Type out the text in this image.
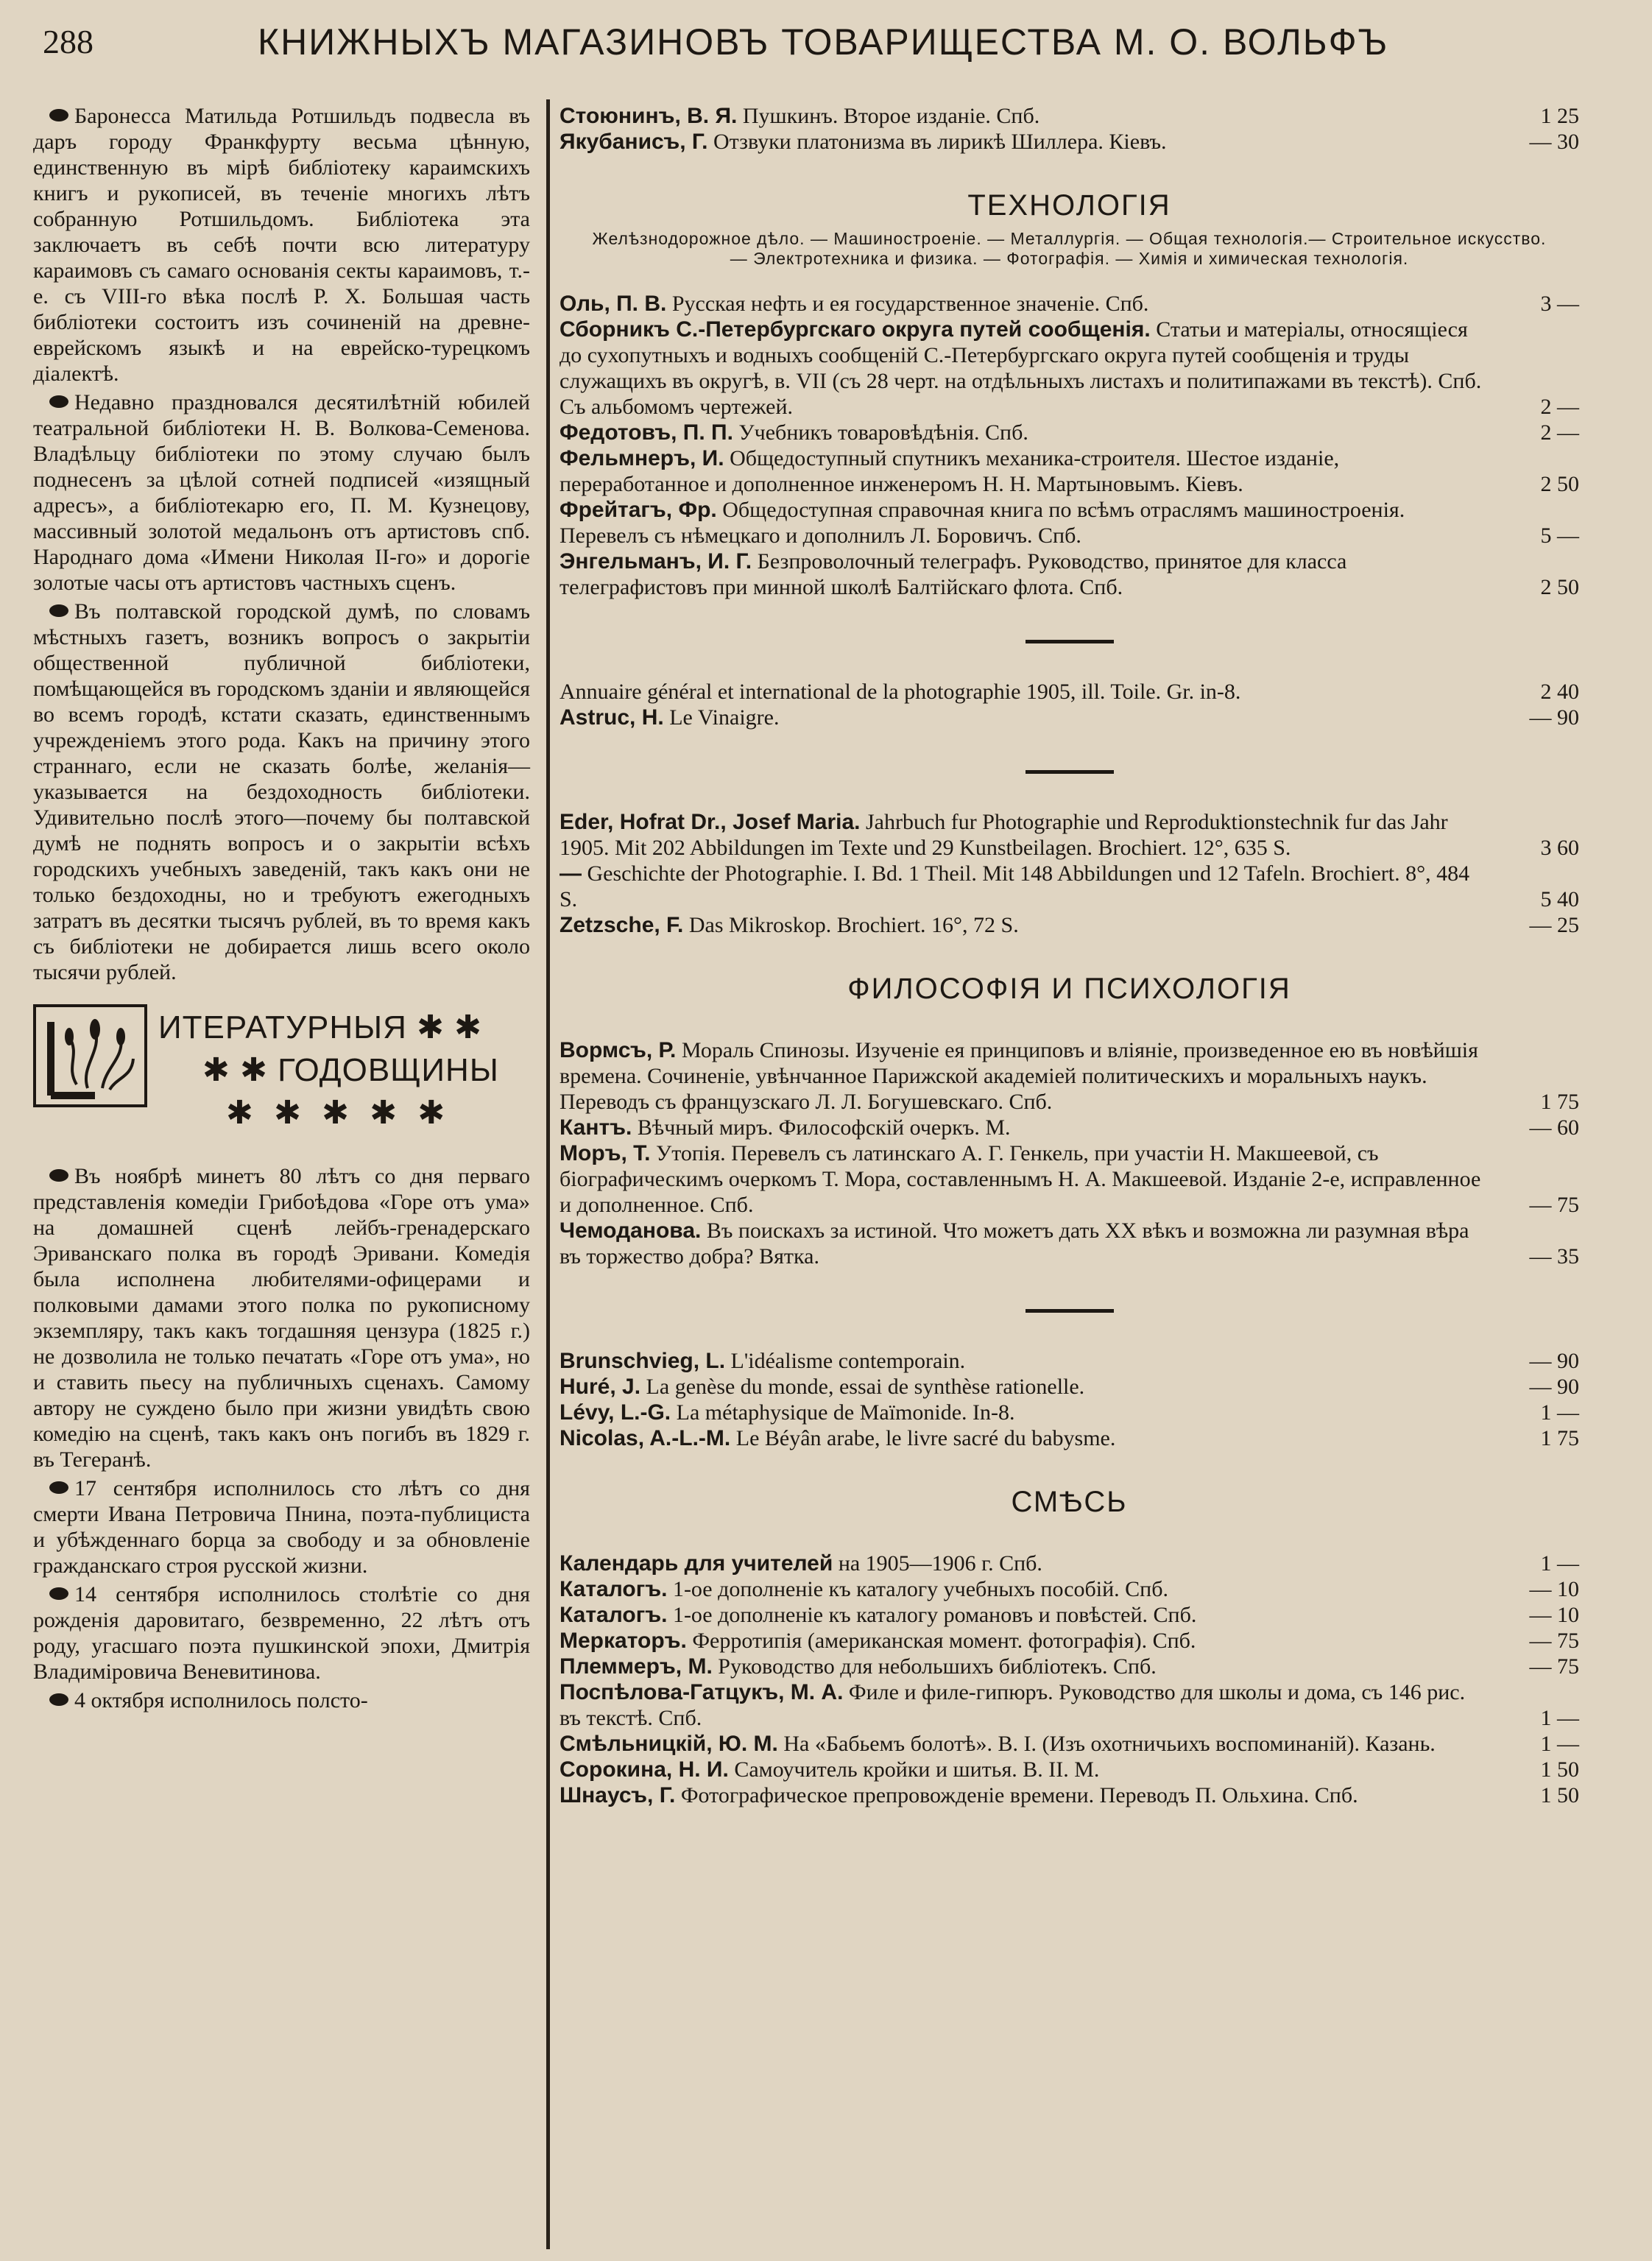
288	КНИЖНЫХЪ МАГАЗИНОВЪ ТОВАРИЩЕСТВА М. О. ВОЛЬФЪ

Баронесса Матильда Ротшильдъ подвесла въ даръ городу Франкфурту весьма цѣнную, единственную въ мірѣ библіотеку караимскихъ книгъ и рукописей, въ теченіе многихъ лѣтъ собранную Ротшильдомъ. Библіотека эта заключаетъ въ себѣ почти всю литературу караимовъ съ самаго основанія секты караимовъ, т.-е. съ VIII-го вѣка послѣ Р. Х. Большая часть библіотеки состоитъ изъ сочиненій на древне-еврейскомъ языкѣ и на еврейско-турецкомъ діалектѣ.

Недавно праздновался десятилѣтній юбилей театральной библіотеки Н. В. Волкова-Семенова. Владѣльцу библіотеки по этому случаю былъ поднесенъ за цѣлой сотней подписей «изящный адресъ», а библіотекарю его, П. М. Кузнецову, массивный золотой медальонъ отъ артистовъ спб. Народнаго дома «Имени Николая II-го» и дорогіе золотые часы отъ артистовъ частныхъ сценъ.

Въ полтавской городской думѣ, по словамъ мѣстныхъ газетъ, возникъ вопросъ о закрытіи общественной публичной библіотеки, помѣщающейся въ городскомъ зданіи и являющейся во всемъ городѣ, кстати сказать, единственнымъ учрежденіемъ этого рода. Какъ на причину этого страннаго, если не сказать болѣе, желанія— указывается на бездоходность библіотеки. Удивительно послѣ этого—почему бы полтавской думѣ не поднять вопросъ и о закрытіи всѣхъ городскихъ учебныхъ заведеній, такъ какъ они не только бездоходны, но и требуютъ ежегодныхъ затратъ въ десятки тысячъ рублей, въ то время какъ съ библіотеки не добирается лишь всего около тысячи рублей.

ИТЕРАТУРНЫЯ ✱ ✱
✱ ✱ ГОДОВЩИНЫ
✱ ✱ ✱ ✱ ✱

Въ ноябрѣ минетъ 80 лѣтъ со дня перваго представленія комедіи Грибоѣдова «Горе отъ ума» на домашней сценѣ лейбъ-гренадерскаго Эриванскаго полка въ городѣ Эривани. Комедія была исполнена любителями-офицерами и полковыми дамами этого полка по рукописному экземпляру, такъ какъ тогдашняя цензура (1825 г.) не дозволила не только печатать «Горе отъ ума», но и ставить пьесу на публичныхъ сценахъ. Самому автору не суждено было при жизни увидѣть свою комедію на сценѣ, такъ какъ онъ погибъ въ 1829 г. въ Тегеранѣ.

17 сентября исполнилось сто лѣтъ со дня смерти Ивана Петровича Пнина, поэта-публициста и убѣжденнаго борца за свободу и за обновленіе гражданскаго строя русской жизни.

14 сентября исполнилось столѣтіе со дня рожденія даровитаго, безвременно, 22 лѣтъ отъ роду, угасшаго поэта пушкинской эпохи, Дмитрія Владиміровича Веневитинова.

4 октября исполнилось полсто-

Стоюнинъ, В. Я. Пушкинъ. Второе изданіе. Спб.	1 25

Якубанисъ, Г. Отзвуки платонизма въ лирикѣ Шиллера. Кіевъ.	— 30

ТЕХНОЛОГІЯ
Желѣзнодорожное дѣло. — Машиностроеніе. — Металлургія. — Общая технологія.— Строительное искусство. — Электротехника и физика. — Фотографія. — Химія и химическая технологія.

Оль, П. В. Русская нефть и ея государственное значеніе. Спб.	3 —

Сборникъ С.-Петербургскаго округа путей сообщенія. Статьи и матеріалы, относящіеся до сухопутныхъ и водныхъ сообщеній С.-Петербургскаго округа путей сообщенія и труды служащихъ въ округѣ, в. VII (съ 28 черт. на отдѣльныхъ листахъ и политипажами въ текстѣ). Спб. Съ альбомомъ чертежей.	2 —

Федотовъ, П. П. Учебникъ товаровѣдѣнія. Спб.	2 —

Фельмнеръ, И. Общедоступный спутникъ механика-строителя. Шестое изданіе, переработанное и дополненное инженеромъ Н. Н. Мартыновымъ. Кіевъ.	2 50

Фрейтагъ, Фр. Общедоступная справочная книга по всѣмъ отраслямъ машиностроенія. Перевелъ съ нѣмецкаго и дополнилъ Л. Боровичъ. Спб.	5 —

Энгельманъ, И. Г. Безпроволочный телеграфъ. Руководство, принятое для класса телеграфистовъ при минной школѣ Балтійскаго флота. Спб.	2 50

Annuaire général et international de la photographie 1905, ill. Toile. Gr. in-8.	2 40

Astruc, H. Le Vinaigre.	— 90

Eder, Hofrat Dr., Josef Maria. Jahrbuch fur Photographie und Reproduktionstechnik fur das Jahr 1905. Mit 202 Abbildungen im Texte und 29 Kunstbeilagen. Brochiert. 12°, 635 S.	3 60

— Geschichte der Photographie. I. Bd. 1 Theil. Mit 148 Abbildungen und 12 Tafeln. Brochiert. 8°, 484 S.	5 40

Zetzsche, F. Das Mikroskop. Brochiert. 16°, 72 S.	— 25

ФИЛОСОФІЯ И ПСИХОЛОГІЯ

Вормсъ, Р. Мораль Спинозы. Изученіе ея принциповъ и вліяніе, произведенное ею въ новѣйшія времена. Сочиненіе, увѣнчанное Парижской академіей политическихъ и моральныхъ наукъ. Переводъ съ французскаго Л. Л. Богушевскаго. Спб.	1 75

Кантъ. Вѣчный миръ. Философскій очеркъ. М.	— 60

Моръ, Т. Утопія. Перевелъ съ латинскаго А. Г. Генкель, при участіи Н. Макшеевой, съ біографическимъ очеркомъ Т. Мора, составленнымъ Н. А. Макшеевой. Изданіе 2-е, исправленное и дополненное. Спб.	— 75

Чемоданова. Въ поискахъ за истиной. Что можетъ дать XX вѣкъ и возможна ли разумная вѣра въ торжество добра? Вятка.	— 35

Brunschvieg, L. L'idéalisme contemporain.	— 90

Huré, J. La genèse du monde, essai de synthèse rationelle.	— 90

Lévy, L.-G. La métaphysique de Maïmonide. In-8.	1 —

Nicolas, A.-L.-M. Le Béyân arabe, le livre sacré du babysme.	1 75

СМѢСЬ

Календарь для учителей на 1905—1906 г. Спб.	1 —

Каталогъ. 1-ое дополненіе къ каталогу учебныхъ пособій. Спб.	— 10

Каталогъ. 1-ое дополненіе къ каталогу романовъ и повѣстей. Спб.	— 10

Меркаторъ. Ферротипія (американская момент. фотографія). Спб.	— 75

Племмеръ, М. Руководство для небольшихъ библіотекъ. Спб.	— 75

Поспѣлова-Гатцукъ, М. А. Филе и филе-гипюръ. Руководство для школы и дома, съ 146 рис. въ текстѣ. Спб.	1 —

Смѣльницкій, Ю. М. На «Бабьемъ болотѣ». В. I. (Изъ охотничьихъ воспоминаній). Казань.	1 —

Сорокина, Н. И. Самоучитель кройки и шитья. В. II. М.	1 50

Шнаусъ, Г. Фотографическое препровожденіе времени. Переводъ П. Ольхина. Спб.	1 50
